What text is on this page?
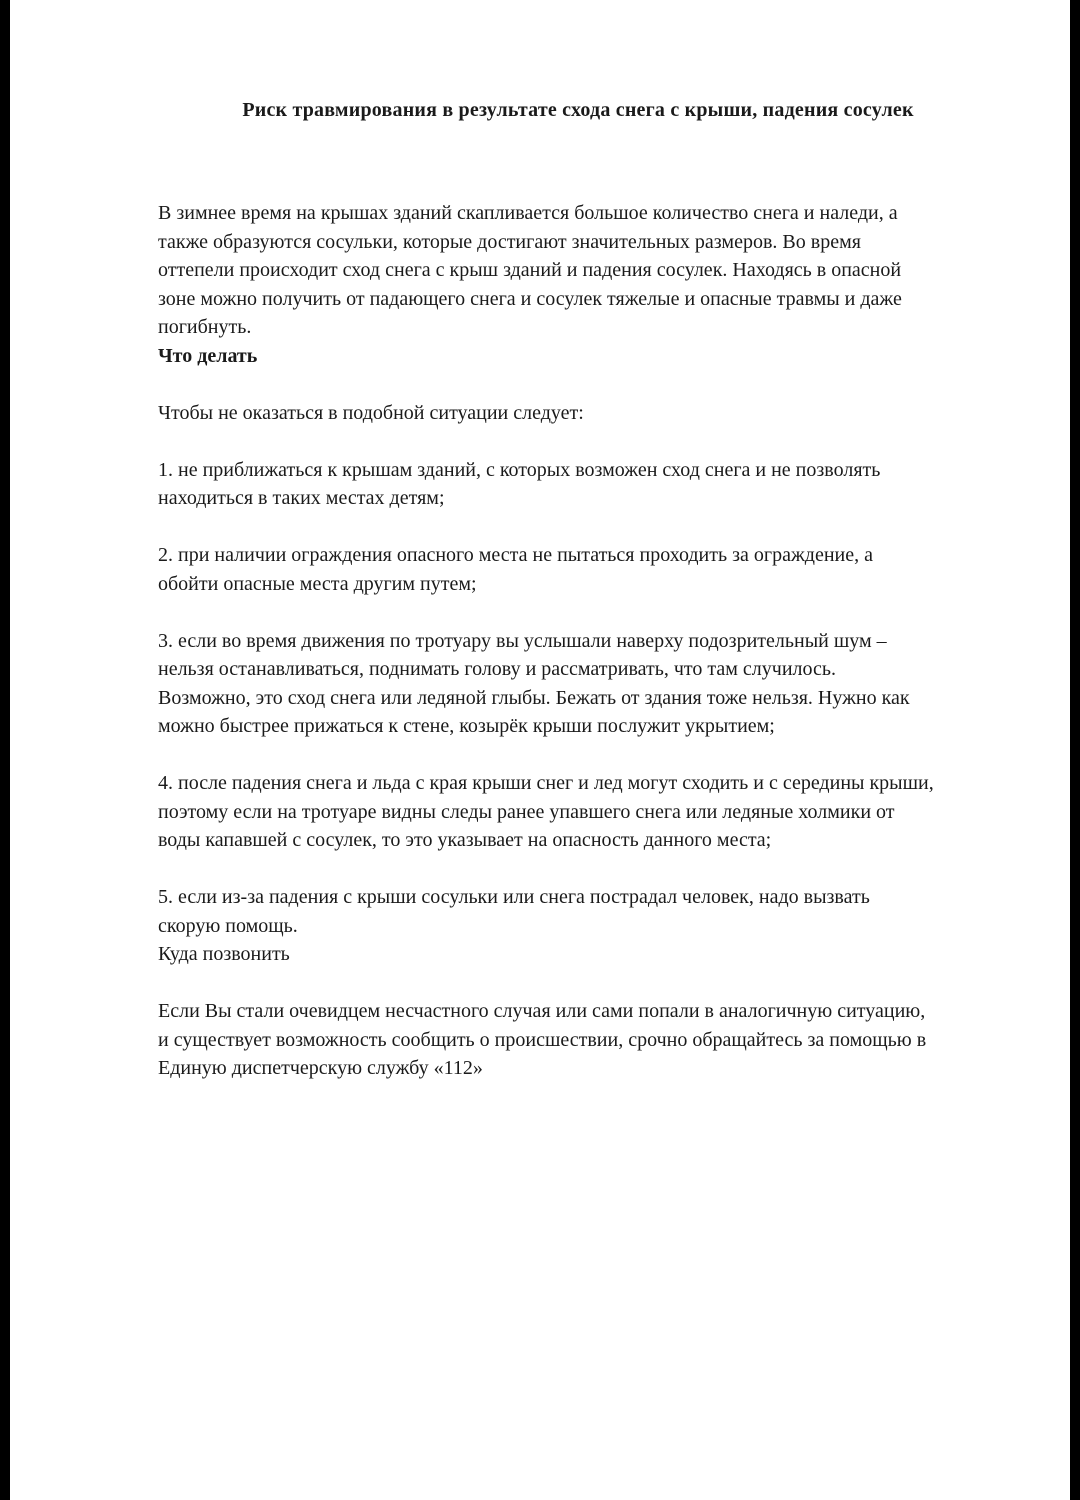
Риск травмирования в результате схода снега с крыши, падения сосулек

В зимнее время на крышах зданий скапливается большое количество снега и наледи, а

также образуются сосульки, которые достигают значительных размеров. Во время

оттепели происходит сход снега с крыш зданий и падения сосулек. Находясь в опасной

зоне можно получить от падающего снега и сосулек тяжелые и опасные травмы и даже

погибнуть.

Что делать

Чтобы не оказаться в подобной ситуации следует:

1. не приближаться к крышам зданий, с которых возможен сход снега и не позволять

находиться в таких местах детям;

2. при наличии ограждения опасного места не пытаться проходить за ограждение, а

обойти опасные места другим путем;

3. если во время движения по тротуару вы услышали наверху подозрительный шум –

нельзя останавливаться, поднимать голову и рассматривать, что там случилось.

Возможно, это сход снега или ледяной глыбы. Бежать от здания тоже нельзя. Нужно как

можно быстрее прижаться к стене, козырёк крыши послужит укрытием;

4. после падения снега и льда с края крыши снег и лед могут сходить и с середины крыши,

поэтому если на тротуаре видны следы ранее упавшего снега или ледяные холмики от

воды капавшей с сосулек, то это указывает на опасность данного места;

5. если из-за падения с крыши сосульки или снега пострадал человек, надо вызвать

скорую помощь.

Куда позвонить

Если Вы стали очевидцем несчастного случая или сами попали в аналогичную ситуацию,

и существует возможность сообщить о происшествии, срочно обращайтесь за помощью в

Единую диспетчерскую службу «112»
